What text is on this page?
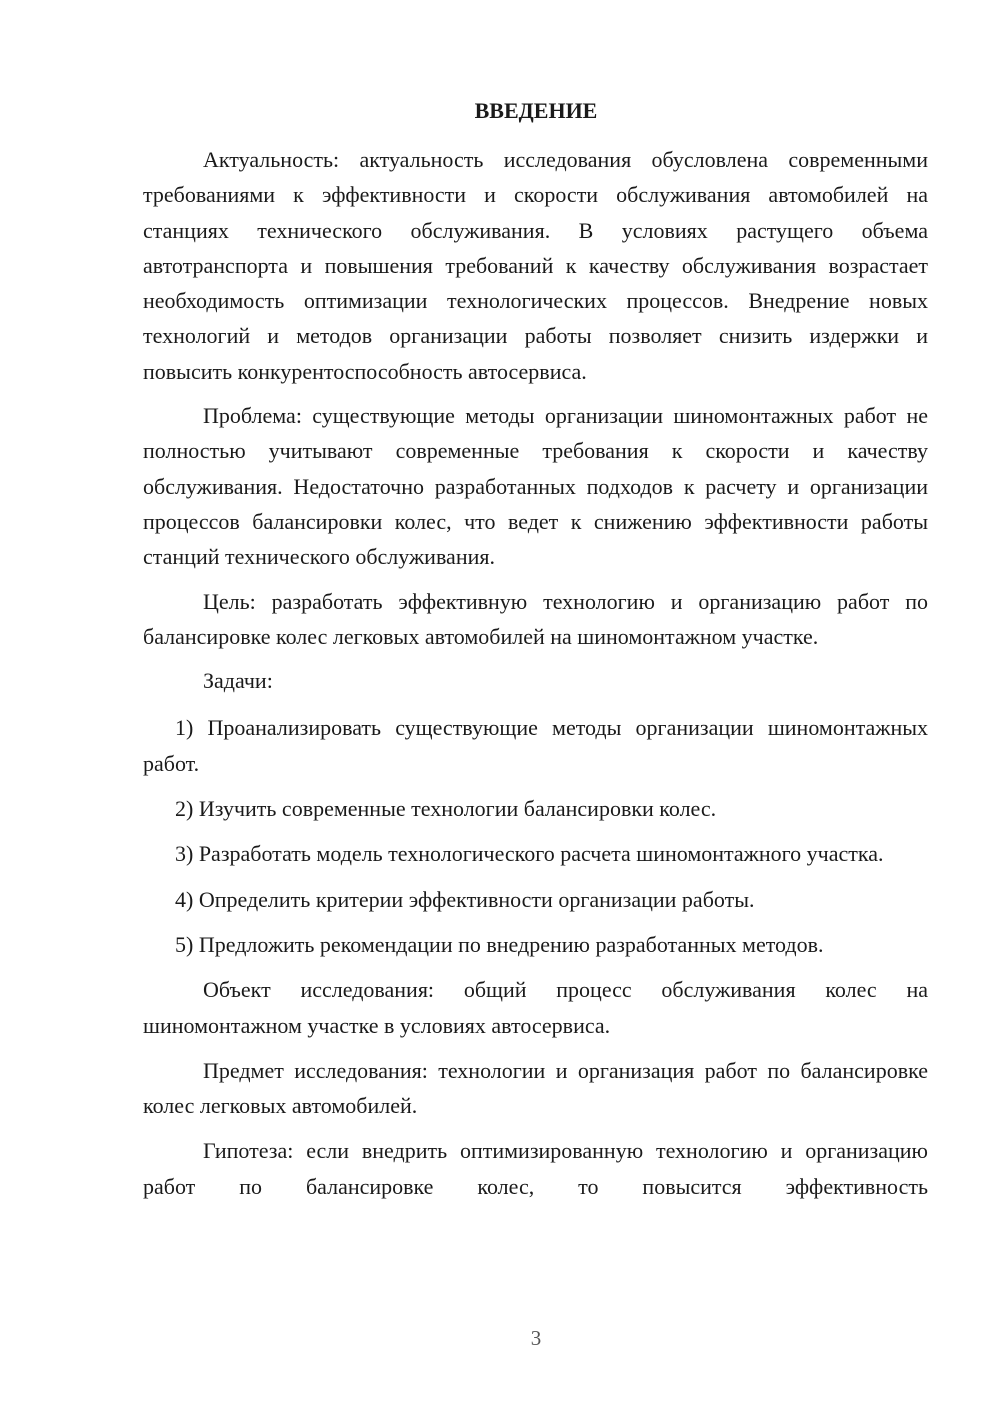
ВВЕДЕНИЕ

Актуальность: актуальность исследования обусловлена современными требованиями к эффективности и скорости обслуживания автомобилей на станциях технического обслуживания. В условиях растущего объема автотранспорта и повышения требований к качеству обслуживания возрастает необходимость оптимизации технологических процессов. Внедрение новых технологий и методов организации работы позволяет снизить издержки и повысить конкурентоспособность автосервиса.

Проблема: существующие методы организации шиномонтажных работ не полностью учитывают современные требования к скорости и качеству обслуживания. Недостаточно разработанных подходов к расчету и организации процессов балансировки колес, что ведет к снижению эффективности работы станций технического обслуживания.

Цель: разработать эффективную технологию и организацию работ по балансировке колес легковых автомобилей на шиномонтажном участке.

Задачи:

1) Проанализировать существующие методы организации шиномонтажных работ.

2) Изучить современные технологии балансировки колес.

3) Разработать модель технологического расчета шиномонтажного участка.

4) Определить критерии эффективности организации работы.

5) Предложить рекомендации по внедрению разработанных методов.

Объект исследования: общий процесс обслуживания колес на шиномонтажном участке в условиях автосервиса.

Предмет исследования: технологии и организация работ по балансировке колес легковых автомобилей.

Гипотеза: если внедрить оптимизированную технологию и организацию работ по балансировке колес, то повысится эффективность

3
